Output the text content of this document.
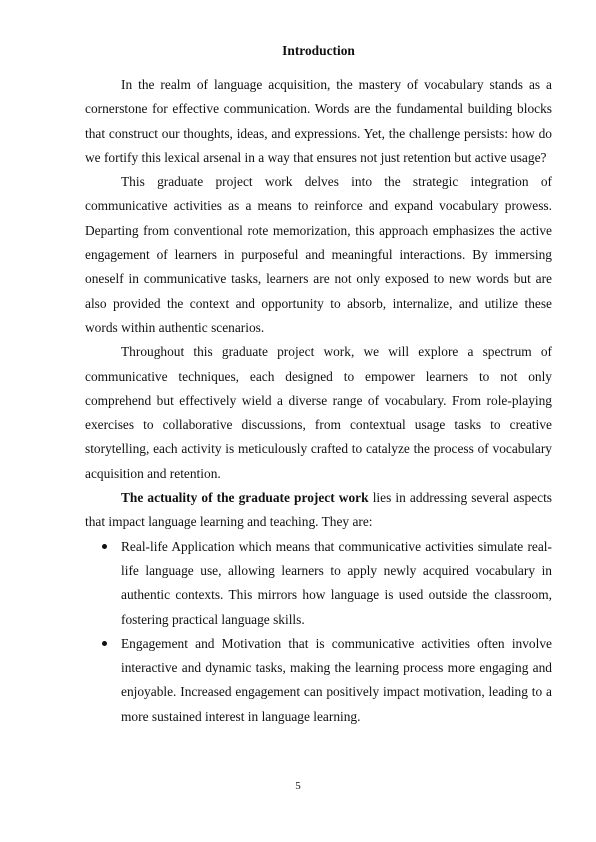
Introduction

In the realm of language acquisition, the mastery of vocabulary stands as a cornerstone for effective communication. Words are the fundamental building blocks that construct our thoughts, ideas, and expressions. Yet, the challenge persists: how do we fortify this lexical arsenal in a way that ensures not just retention but active usage?

This graduate project work delves into the strategic integration of communicative activities as a means to reinforce and expand vocabulary prowess. Departing from conventional rote memorization, this approach emphasizes the active engagement of learners in purposeful and meaningful interactions. By immersing oneself in communicative tasks, learners are not only exposed to new words but are also provided the context and opportunity to absorb, internalize, and utilize these words within authentic scenarios.

Throughout this graduate project work, we will explore a spectrum of communicative techniques, each designed to empower learners to not only comprehend but effectively wield a diverse range of vocabulary. From role-playing exercises to collaborative discussions, from contextual usage tasks to creative storytelling, each activity is meticulously crafted to catalyze the process of vocabulary acquisition and retention.

The actuality of the graduate project work lies in addressing several aspects that impact language learning and teaching. They are:

Real-life Application which means that communicative activities simulate real-life language use, allowing learners to apply newly acquired vocabulary in authentic contexts. This mirrors how language is used outside the classroom, fostering practical language skills.
Engagement and Motivation that is communicative activities often involve interactive and dynamic tasks, making the learning process more engaging and enjoyable. Increased engagement can positively impact motivation, leading to a more sustained interest in language learning.
5
